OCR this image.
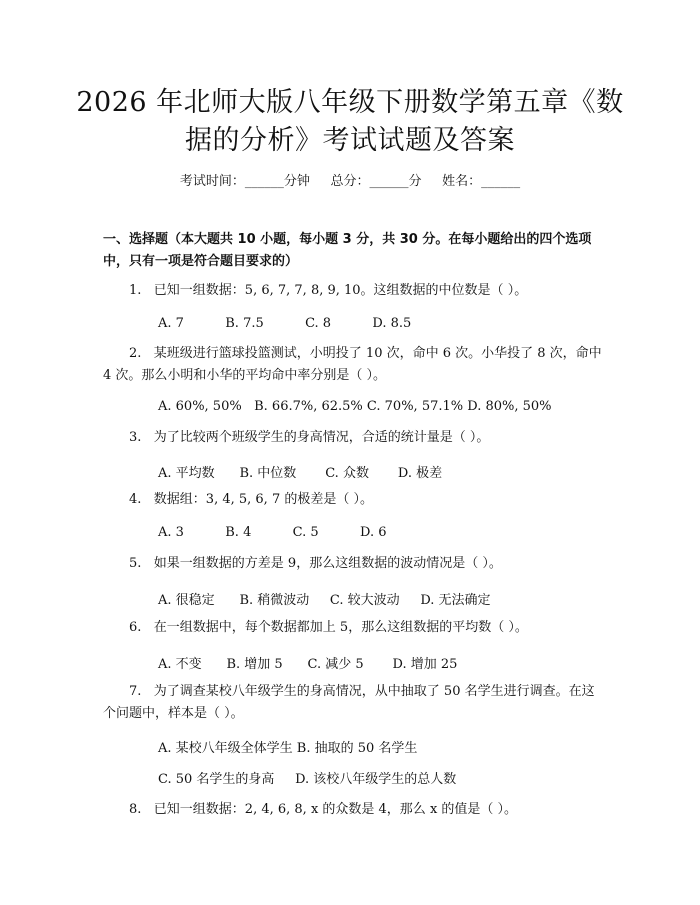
2026 年北师大版八年级下册数学第五章《数
据的分析》考试试题及答案
考试时间：______分钟     总分：______分     姓名：______
一、选择题（本大题共 10 小题，每小题 3 分，共 30 分。在每小题给出的四个选项中，只有一项是符合题目要求的）
1.   已知一组数据：5, 6, 7, 7, 8, 9, 10。这组数据的中位数是（ ）。
A. 7          B. 7.5          C. 8          D. 8.5
2.   某班级进行篮球投篮测试，小明投了 10 次，命中 6 次。小华投了 8 次，命中 4 次。那么小明和小华的平均命中率分别是（ ）。
A. 60%, 50%   B. 66.7%, 62.5% C. 70%, 57.1% D. 80%, 50%
3.   为了比较两个班级学生的身高情况，合适的统计量是（ ）。
A. 平均数      B. 中位数       C. 众数       D. 极差
4.   数据组：3, 4, 5, 6, 7 的极差是（ ）。
A. 3          B. 4          C. 5          D. 6
5.   如果一组数据的方差是 9，那么这组数据的波动情况是（ ）。
A. 很稳定      B. 稍微波动     C. 较大波动     D. 无法确定
6.   在一组数据中，每个数据都加上 5，那么这组数据的平均数（ ）。
A. 不变      B. 增加 5      C. 减少 5       D. 增加 25
7.   为了调查某校八年级学生的身高情况，从中抽取了 50 名学生进行调查。在这个问题中，样本是（ ）。
A. 某校八年级全体学生 B. 抽取的 50 名学生
C. 50 名学生的身高     D. 该校八年级学生的总人数
8.   已知一组数据：2, 4, 6, 8, x 的众数是 4，那么 x 的值是（ ）。
